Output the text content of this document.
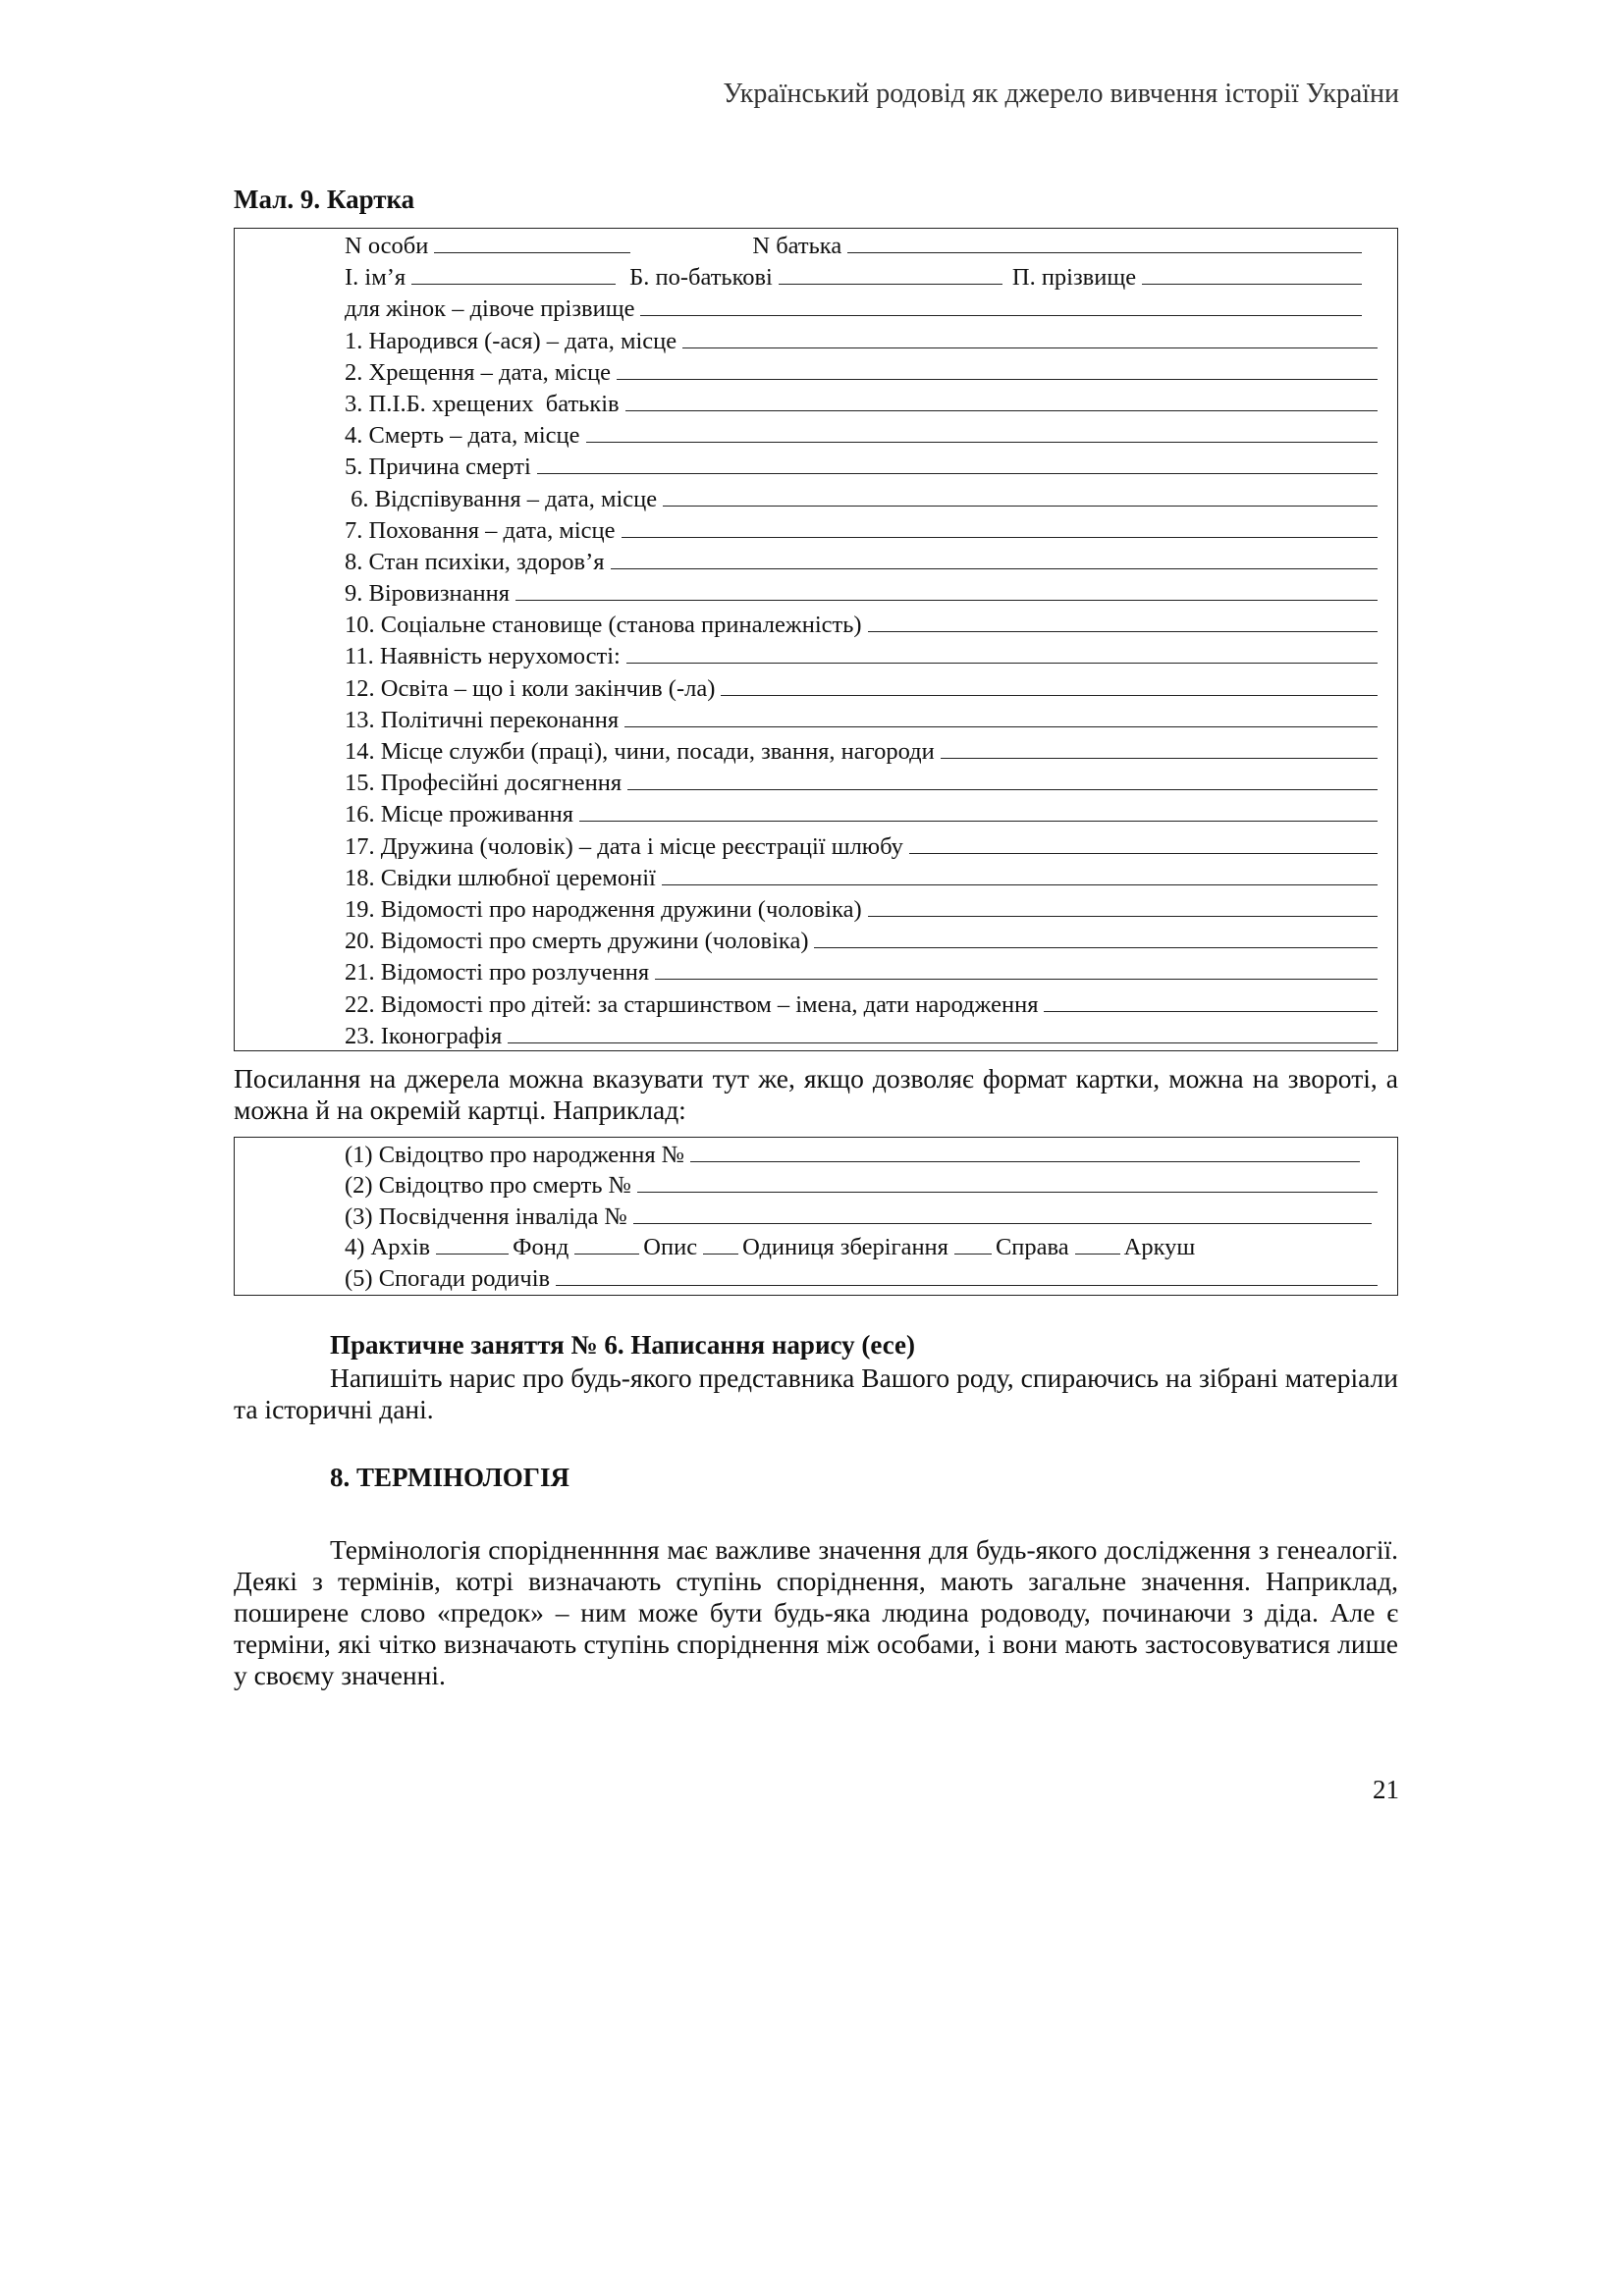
Український родовід як джерело вивчення історії України
Мал. 9. Картка
N особи	N батька
І. ім’я	Б. по-батькові	П. прізвище
для жінок – дівоче прізвище
1. Народився (-ася) – дата, місце
2. Хрещення – дата, місце
3. П.І.Б. хрещених  батьків
4. Смерть – дата, місце
5. Причина смерті
6. Відспівування – дата, місце
7. Поховання – дата, місце
8. Стан психіки, здоров’я
9. Віровизнання
10. Соціальне становище (станова приналежність)
11. Наявність нерухомості:
12. Освіта – що і коли закінчив (-ла)
13. Політичні переконання
14. Місце служби (праці), чини, посади, звання, нагороди
15. Професійні досягнення
16. Місце проживання
17. Дружина (чоловік) – дата і місце реєстрації шлюбу
18. Свідки шлюбної церемонії
19. Відомості про народження дружини (чоловіка)
20. Відомості про смерть дружини (чоловіка)
21. Відомості про розлучення
22. Відомості про дітей: за старшинством – імена, дати народження
23. Іконографія
Посилання на джерела можна вказувати тут же, якщо дозволяє формат картки, можна на звороті, а можна й на окремій картці. Наприклад:
(1) Свідоцтво про народження №
(2) Свідоцтво про смерть №
(3) Посвідчення інваліда №
4) Архів	Фонд	Опис Одиниця зберігання Справа Аркуш
(5) Спогади родичів
Практичне заняття № 6. Написання нарису (есе)
Напишіть нарис про будь-якого представника Вашого роду, спираючись на зібрані матеріали та історичні дані.
8. ТЕРМІНОЛОГІЯ
Термінологія спорідненнння має важливе значення для будь-якого дослідження з генеалогії. Деякі з термінів, котрі визначають ступінь споріднення, мають загальне значення. Наприклад, поширене слово «предок» – ним може бути будь-яка людина родоводу, починаючи з діда. Але є терміни, які чітко визначають ступінь споріднення між особами, і вони мають застосовуватися лише у своєму значенні.
21
